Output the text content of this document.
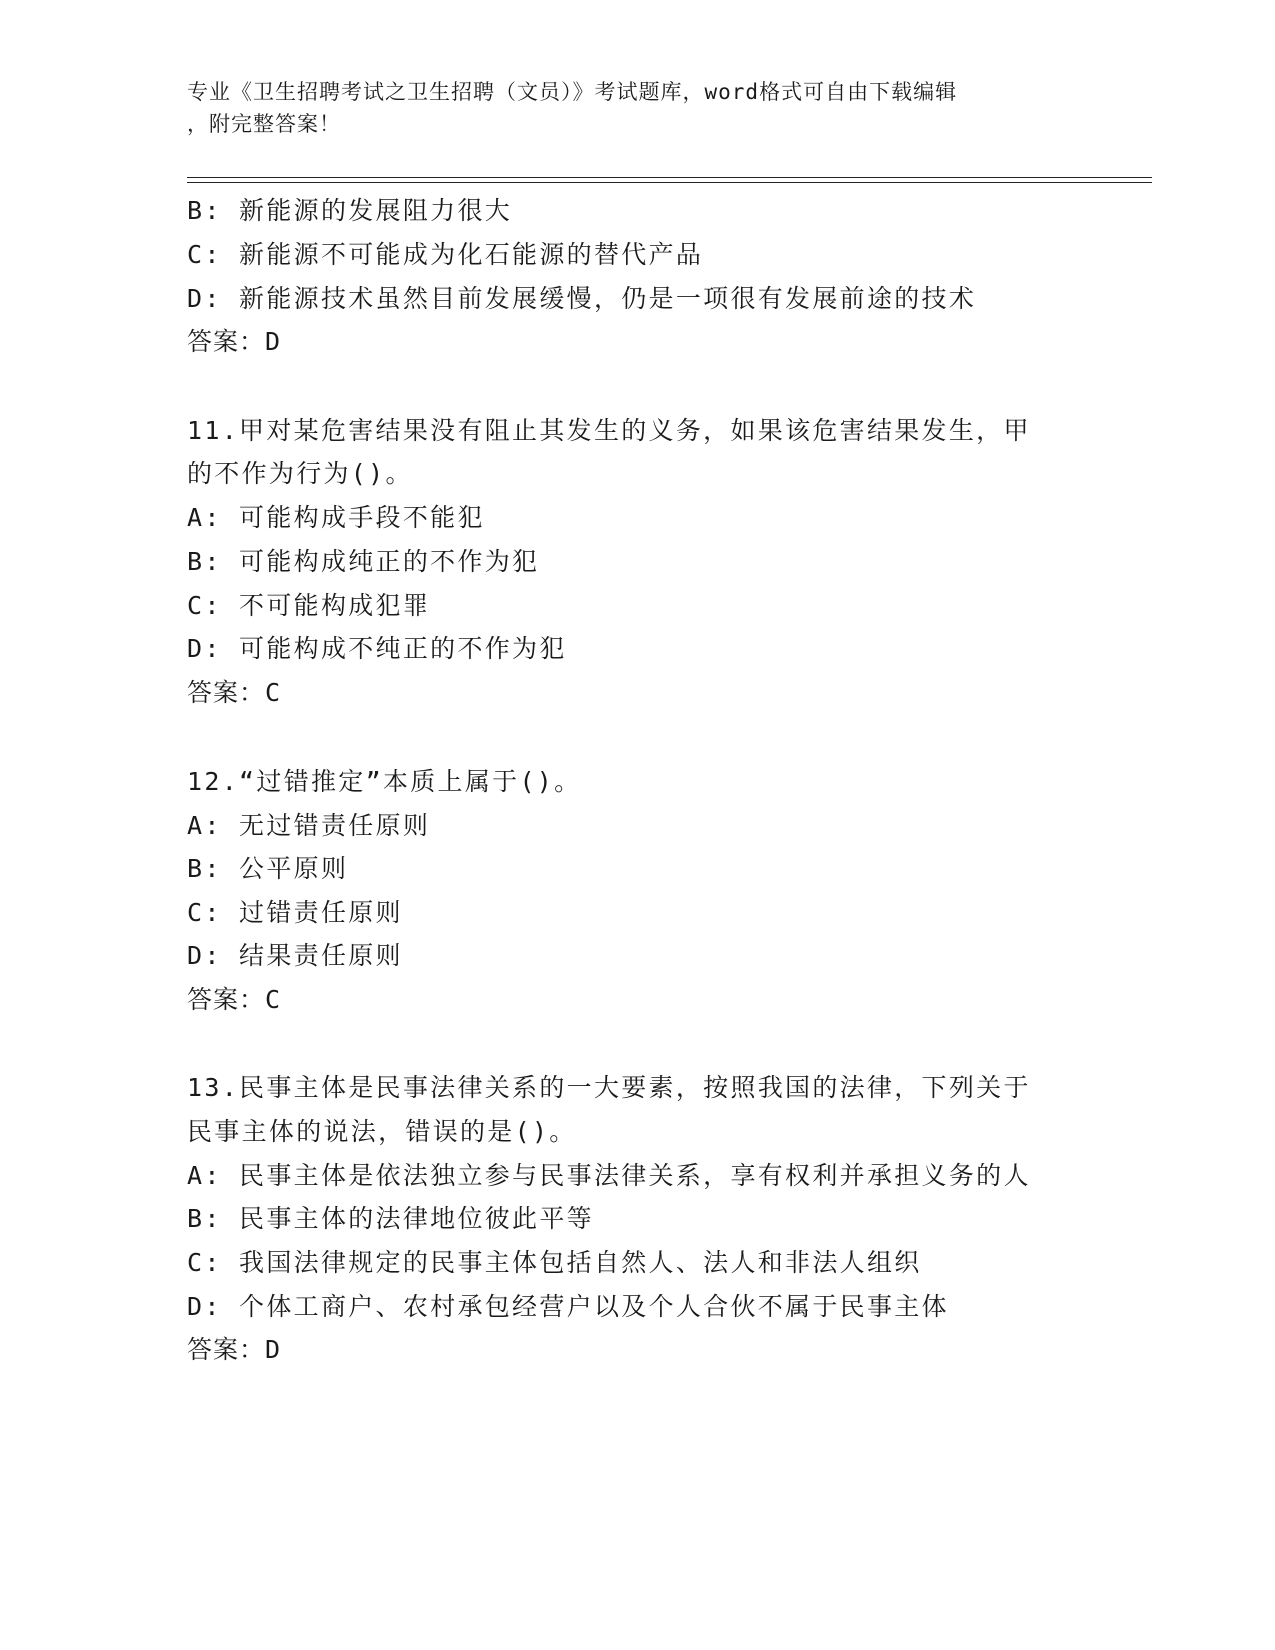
专业《卫生招聘考试之卫生招聘（文员）》考试题库，word格式可自由下载编辑
，附完整答案！
B: 新能源的发展阻力很大
C: 新能源不可能成为化石能源的替代产品
D: 新能源技术虽然目前发展缓慢，仍是一项很有发展前途的技术
答案：D
11.甲对某危害结果没有阻止其发生的义务，如果该危害结果发生，甲
的不作为行为()。
A: 可能构成手段不能犯
B: 可能构成纯正的不作为犯
C: 不可能构成犯罪
D: 可能构成不纯正的不作为犯
答案：C
12.“过错推定”本质上属于()。
A: 无过错责任原则
B: 公平原则
C: 过错责任原则
D: 结果责任原则
答案：C
13.民事主体是民事法律关系的一大要素，按照我国的法律，下列关于
民事主体的说法，错误的是()。
A: 民事主体是依法独立参与民事法律关系，享有权利并承担义务的人
B: 民事主体的法律地位彼此平等
C: 我国法律规定的民事主体包括自然人、法人和非法人组织
D: 个体工商户、农村承包经营户以及个人合伙不属于民事主体
答案：D
